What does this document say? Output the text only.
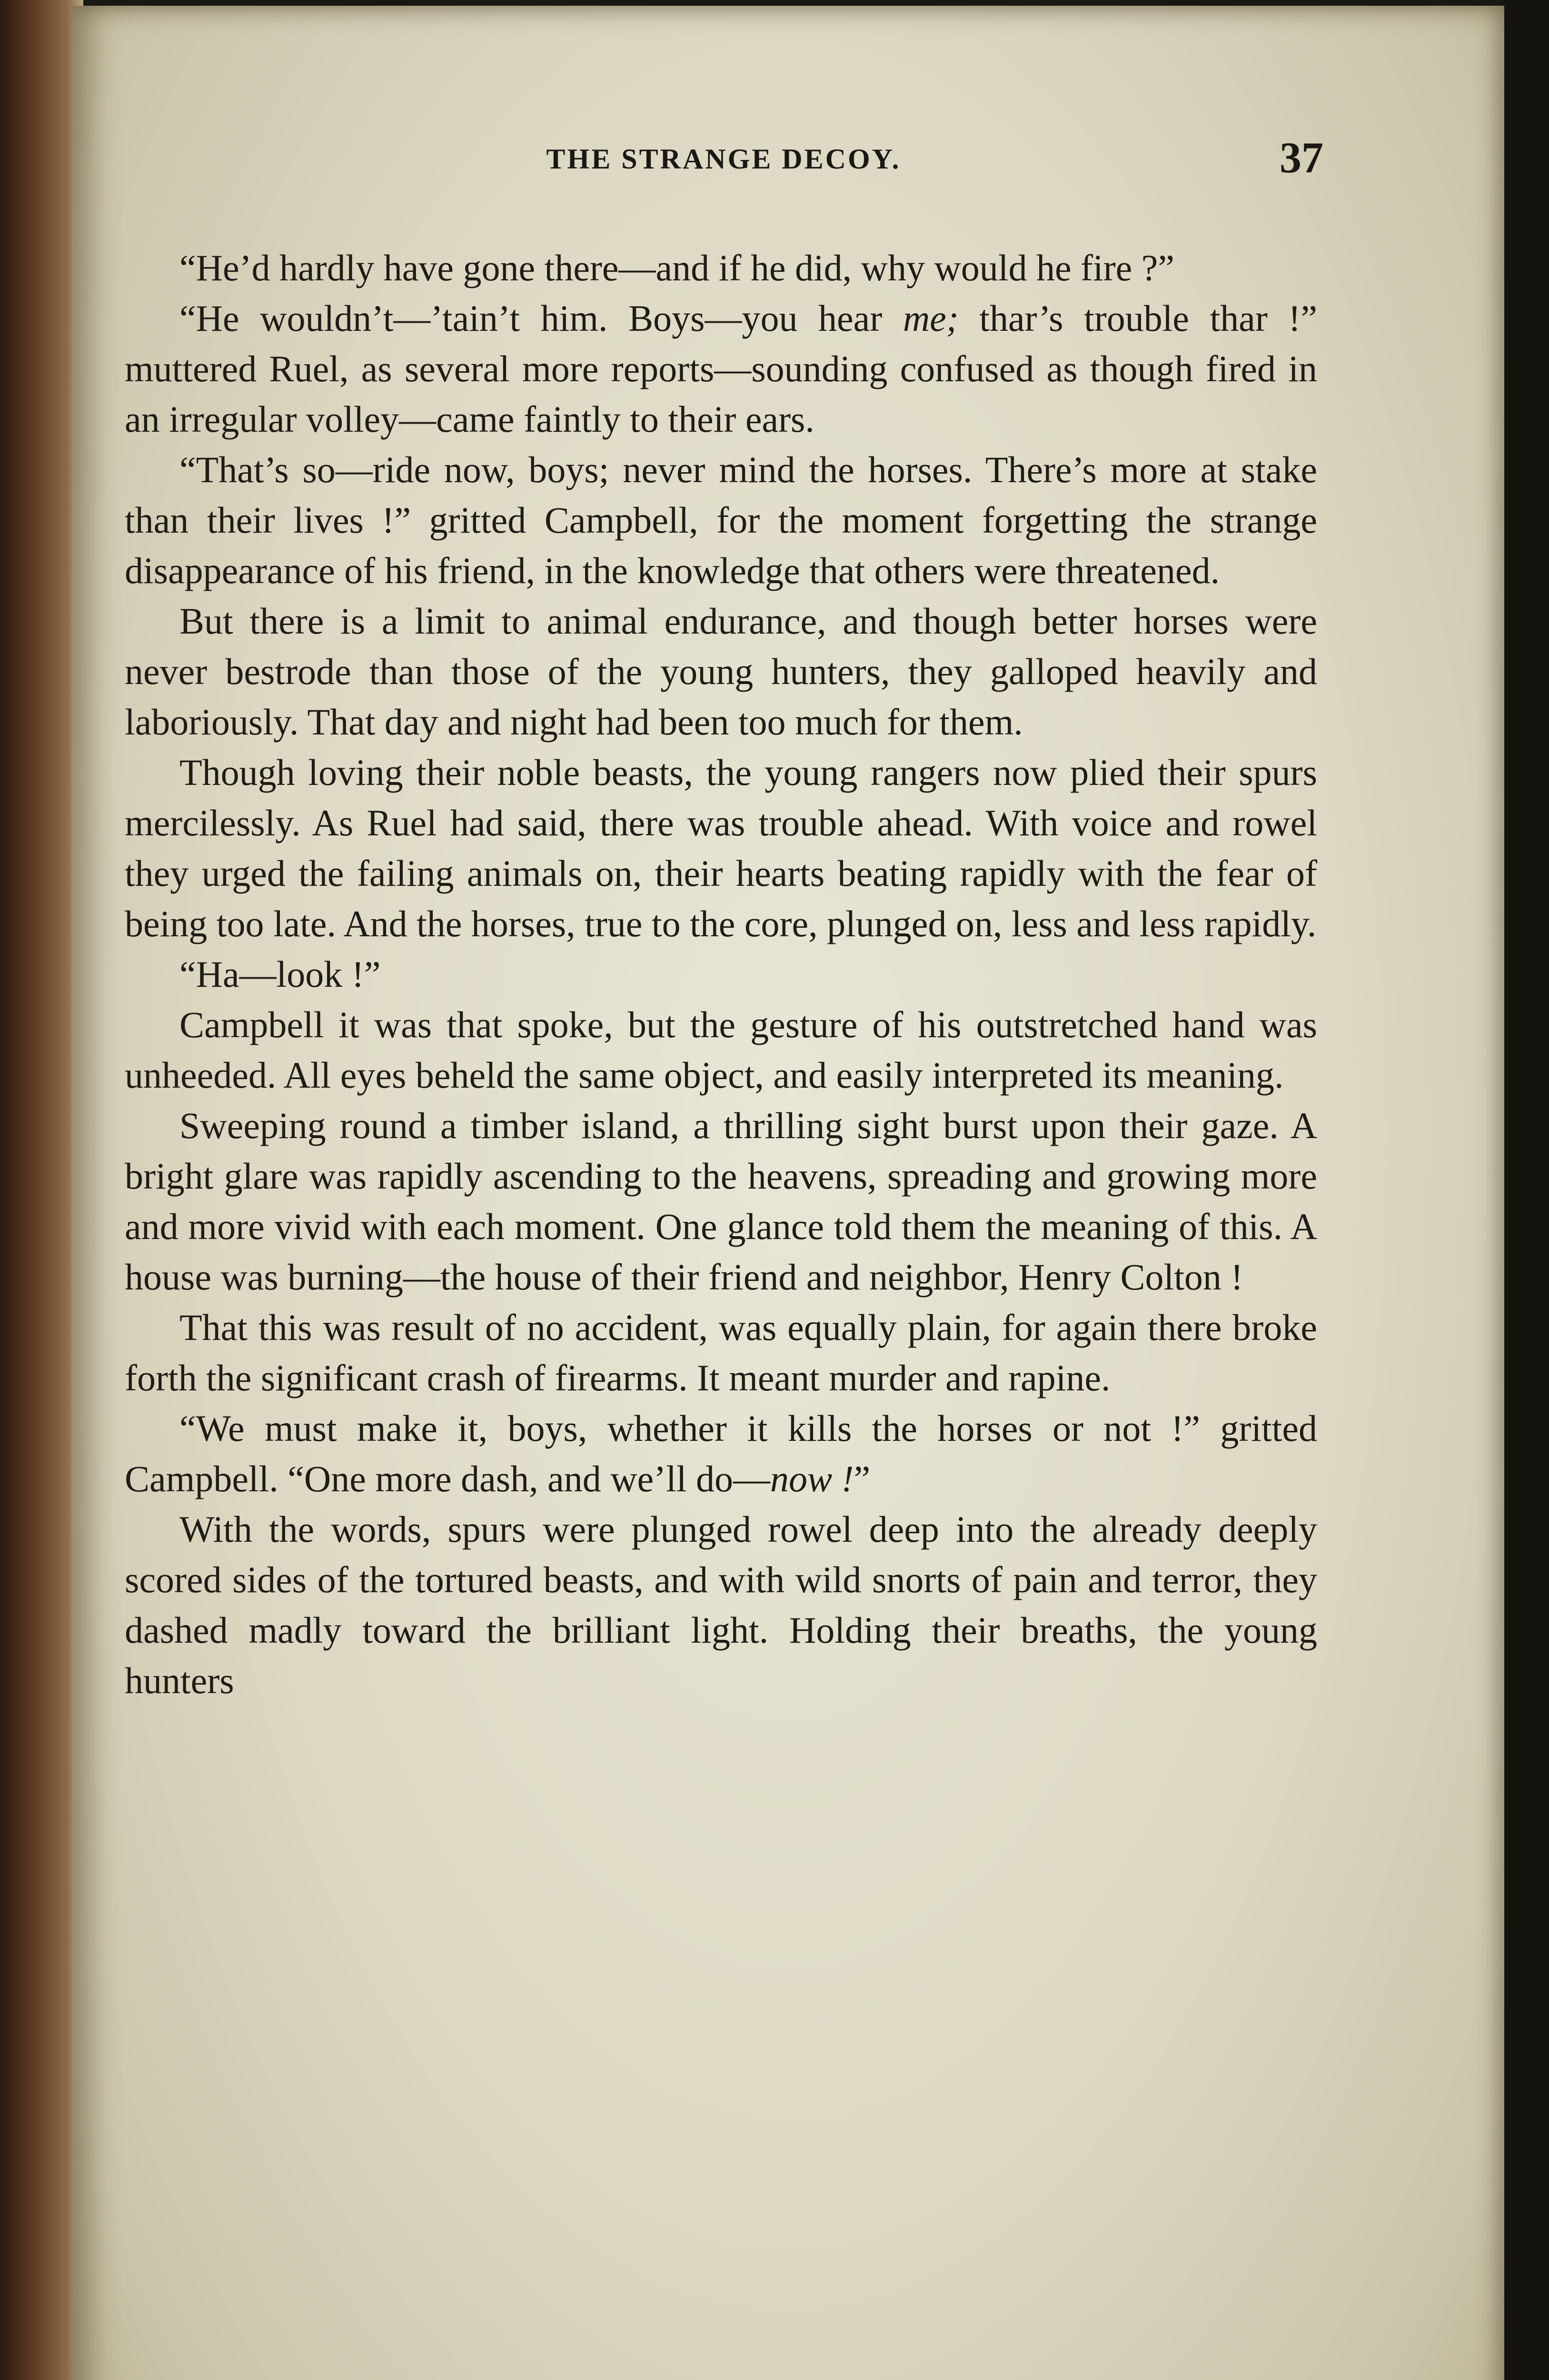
THE STRANGE DECOY.	37

“He’d hardly have gone there—and if he did, why would he fire ?”

“He wouldn’t—’tain’t him. Boys—you hear me; thar’s trouble thar !” muttered Ruel, as several more reports—sounding confused as though fired in an irregular volley—came faintly to their ears.

“That’s so—ride now, boys; never mind the horses. There’s more at stake than their lives !” gritted Campbell, for the moment forgetting the strange disappearance of his friend, in the knowledge that others were threatened.

But there is a limit to animal endurance, and though better horses were never bestrode than those of the young hunters, they galloped heavily and laboriously. That day and night had been too much for them.

Though loving their noble beasts, the young rangers now plied their spurs mercilessly. As Ruel had said, there was trouble ahead. With voice and rowel they urged the failing animals on, their hearts beating rapidly with the fear of being too late. And the horses, true to the core, plunged on, less and less rapidly.

“Ha—look !”

Campbell it was that spoke, but the gesture of his outstretched hand was unheeded. All eyes beheld the same object, and easily interpreted its meaning.

Sweeping round a timber island, a thrilling sight burst upon their gaze. A bright glare was rapidly ascending to the heavens, spreading and growing more and more vivid with each moment. One glance told them the meaning of this. A house was burning—the house of their friend and neighbor, Henry Colton !

That this was result of no accident, was equally plain, for again there broke forth the significant crash of firearms. It meant murder and rapine.

“We must make it, boys, whether it kills the horses or not !” gritted Campbell. “One more dash, and we’ll do—now !”

With the words, spurs were plunged rowel deep into the already deeply scored sides of the tortured beasts, and with wild snorts of pain and terror, they dashed madly toward the brilliant light. Holding their breaths, the young hunters
